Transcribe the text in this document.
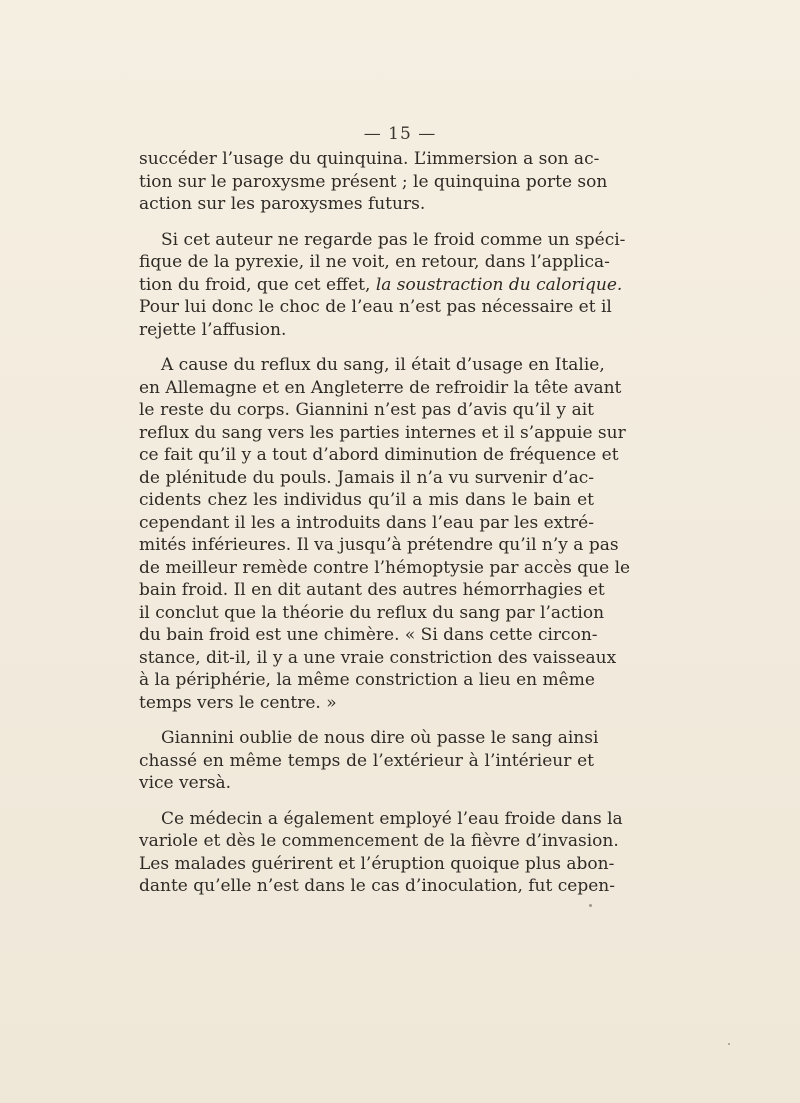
— 15 —

succéder l’usage du quinquina. L’immersion a son ac-
tion sur le paroxysme présent ; le quinquina porte son
action sur les paroxysmes futurs.

Si cet auteur ne regarde pas le froid comme un spéci-
fique de la pyrexie, il ne voit, en retour, dans l’applica-
tion du froid, que cet effet, la soustraction du calorique.
Pour lui donc le choc de l’eau n’est pas nécessaire et il
rejette l’affusion.

A cause du reflux du sang, il était d’usage en Italie,
en Allemagne et en Angleterre de refroidir la tête avant
le reste du corps. Giannini n’est pas d’avis qu’il y ait
reflux du sang vers les parties internes et il s’appuie sur
ce fait qu’il y a tout d’abord diminution de fréquence et
de plénitude du pouls. Jamais il n’a vu survenir d’ac-
cidents chez les individus qu’il a mis dans le bain et
cependant il les a introduits dans l’eau par les extré-
mités inférieures. Il va jusqu’à prétendre qu’il n’y a pas
de meilleur remède contre l’hémoptysie par accès que le
bain froid. Il en dit autant des autres hémorrhagies et
il conclut que la théorie du reflux du sang par l’action
du bain froid est une chimère. « Si dans cette circon-
stance, dit-il, il y a une vraie constriction des vaisseaux
à la périphérie, la même constriction a lieu en même
temps vers le centre. »

Giannini oublie de nous dire où passe le sang ainsi
chassé en même temps de l’extérieur à l’intérieur et
vice versà.

Ce médecin a également employé l’eau froide dans la
variole et dès le commencement de la fièvre d’invasion.
Les malades guérirent et l’éruption quoique plus abon-
dante qu’elle n’est dans le cas d’inoculation, fut cepen-
